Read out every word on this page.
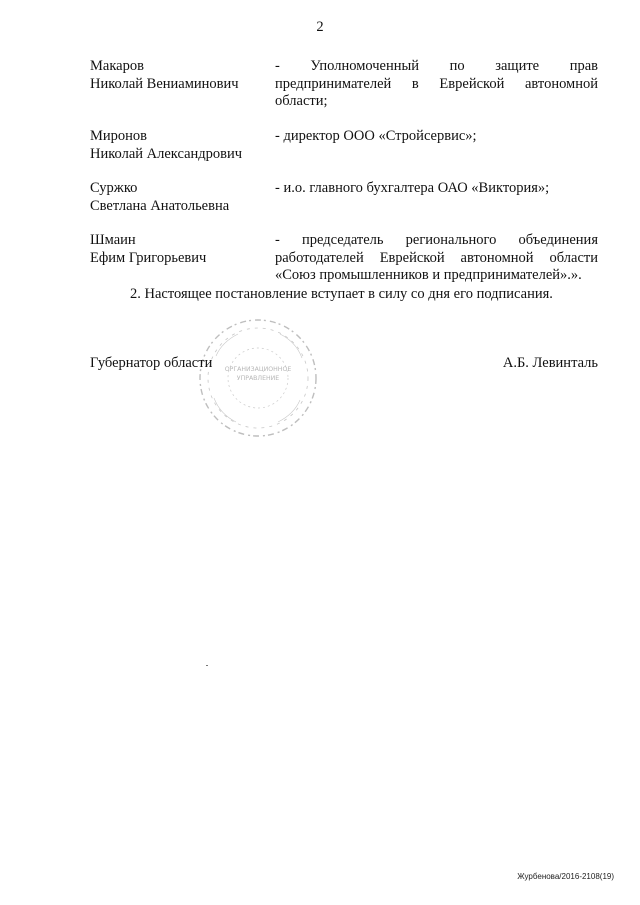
2
Макаров
Николай Вениаминович
- Уполномоченный по защите прав
предпринимателей в Еврейской автономной
области;
Миронов
Николай Александрович
- директор ООО «Стройсервис»;
Суржко
Светлана Анатольевна
- и.о. главного бухгалтера ОАО «Виктория»;
Шмаин
Ефим Григорьевич
- председатель регионального объединения
работодателей Еврейской автономной области
«Союз промышленников и предпринимателей».».
2. Настоящее постановление вступает в силу со дня его подписания.
ОРГАНИЗАЦИОННОЕ
УПРАВЛЕНИЕ
Губернатор области	А.Б. Левинталь
Журбенова/2016-2108(19)
